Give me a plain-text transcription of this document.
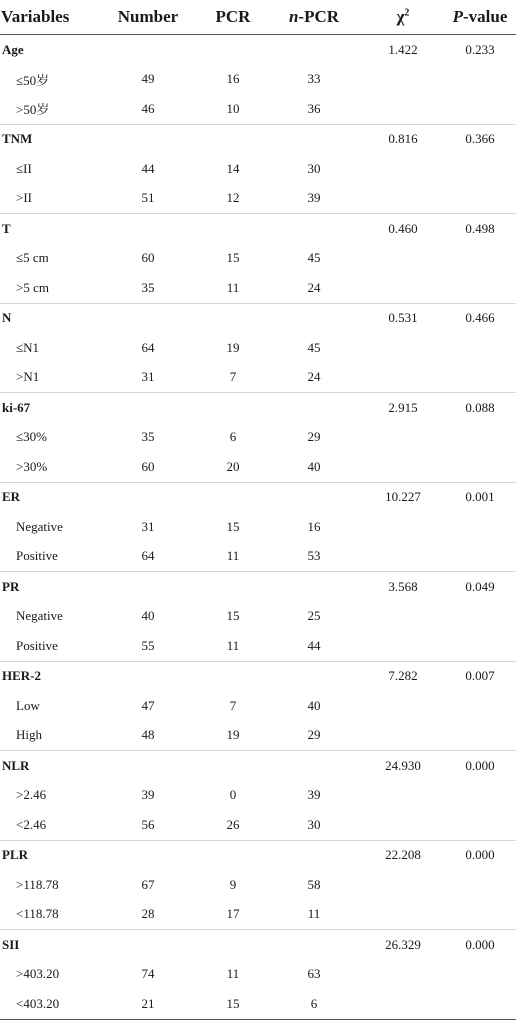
Variables	Number	PCR	n-PCR	$\chi^2$	P-value
Age				1.422	0.233
≤50岁	49	16	33		
>50岁	46	10	36		
TNM				0.816	0.366
≤II	44	14	30		
>II	51	12	39		
T				0.460	0.498
≤5 cm	60	15	45		
>5 cm	35	11	24		
N				0.531	0.466
≤N1	64	19	45		
>N1	31	7	24		
ki-67				2.915	0.088
≤30%	35	6	29		
>30%	60	20	40		
ER				10.227	0.001
Negative	31	15	16		
Positive	64	11	53		
PR				3.568	0.049
Negative	40	15	25		
Positive	55	11	44		
HER-2				7.282	0.007
Low	47	7	40		
High	48	19	29		
NLR				24.930	0.000
>2.46	39	0	39		
<2.46	56	26	30		
PLR				22.208	0.000
>118.78	67	9	58		
<118.78	28	17	11		
SII				26.329	0.000
>403.20	74	11	63		
<403.20	21	15	6		
